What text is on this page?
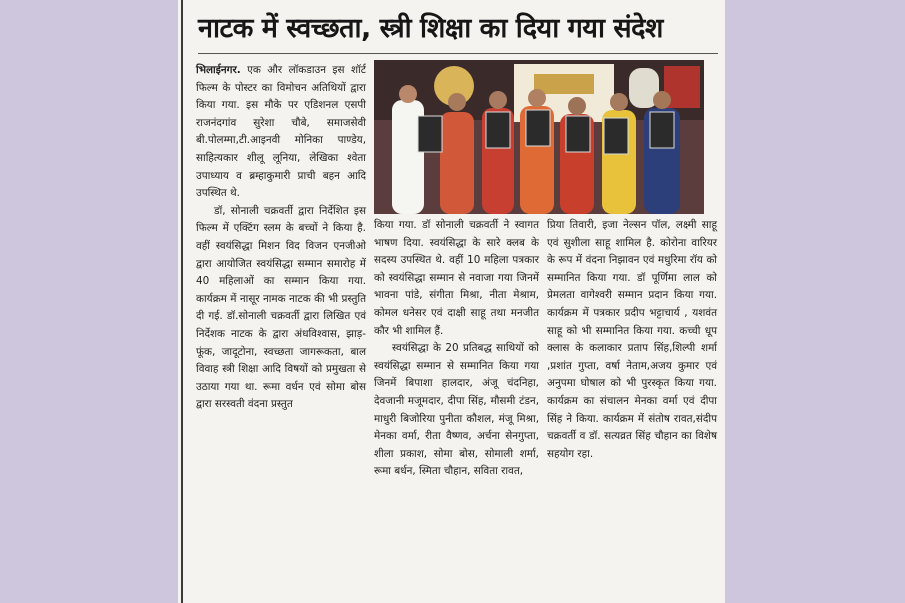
नाटक में स्वच्छता, स्त्री शिक्षा का दिया गया संदेश

भिलाईनगर. एक और लॉकडाउन इस शॉर्ट फिल्म के पोस्टर का विमोचन अतिथियों द्वारा किया गया. इस मौके पर एडिशनल एसपी राजनंदगांव सुरेशा चौबे, समाजसेवी बी.पोलम्मा,टी.आइनवी मोनिका पाण्डेय, साहित्यकार शीलू लूनिया, लेखिका श्वेता उपाध्याय व ब्रम्हाकुमारी प्राची बहन आदि उपस्थित थे.

डॉ, सोनाली चक्रवर्ती द्वारा निर्देशित इस फिल्म में एक्टिंग स्लम के बच्चों ने किया है. वहीं स्वयंसिद्धा मिशन विद विजन एनजीओ द्वारा आयोजित स्वयंसिद्धा सम्मान समारोह में 40 महिलाओं का सम्मान किया गया. कार्यक्रम में नासूर नामक नाटक की भी प्रस्तुति दी गई. डॉ.सोनाली चक्रवर्ती द्वारा लिखित एवं निर्देशक नाटक के द्वारा अंधविश्वास, झाड़-फूंक, जादूटोना, स्वच्छता जागरूकता, बाल विवाह स्त्री शिक्षा आदि विषयों को प्रमुखता से उठाया गया था. रूमा वर्धन एवं सोमा बोस द्वारा सरस्वती वंदना प्रस्तुत

किया गया. डॉ सोनाली चक्रवर्ती ने स्वागत भाषण दिया. स्वयंसिद्धा के सारे क्लब के सदस्य उपस्थित थे. वहीं 10 महिला पत्रकार को स्वयंसिद्धा सम्मान से नवाजा गया जिनमें भावना पांडे, संगीता मिश्रा, नीता मेश्राम, कोमल धनेसर एवं दाक्षी साहू तथा मनजीत कौर भी शामिल हैं.

स्वयंसिद्धा के 20 प्रतिबद्ध साथियों को स्वयंसिद्धा सम्मान से सम्मानित किया गया जिनमें बिपाशा हालदार, अंजू चंदनिहा, देवजानी मजूमदार, दीपा सिंह, मौसमी टंडन, माधुरी बिजोरिया पुनीता कौशल, मंजू मिश्रा, मेनका वर्मा, रीता वैष्णव, अर्चना सेनगुप्ता, शीला प्रकाश, सोमा बोस, सोमाली शर्मा, रूमा बर्धन, स्मिता चौहान, सविता रावत,

प्रिया तिवारी, इजा नेल्सन पॉल, लक्ष्मी साहू एवं सुशीला साहू शामिल है. कोरोना वारियर के रूप में वंदना निझावन एवं मधुरिमा रॉय को सम्मानित किया गया. डॉ पूर्णिमा लाल को प्रेमलता वागेश्वरी सम्मान प्रदान किया गया. कार्यक्रम में पत्रकार प्रदीप भट्टाचार्य , यशवंत साहू को भी सम्मानित किया गया. कच्ची धूप क्लास के कलाकार प्रताप सिंह,शिल्पी शर्मा ,प्रशांत गुप्ता, वर्षा नेताम,अजय कुमार एवं अनुपमा घोषाल को भी पुरस्कृत किया गया. कार्यक्रम का संचालन मेनका वर्मा एवं दीपा सिंह ने किया. कार्यक्रम में संतोष रावत,संदीप चक्रवर्ती व डॉ. सत्यव्रत सिंह चौहान का विशेष सहयोग रहा.
